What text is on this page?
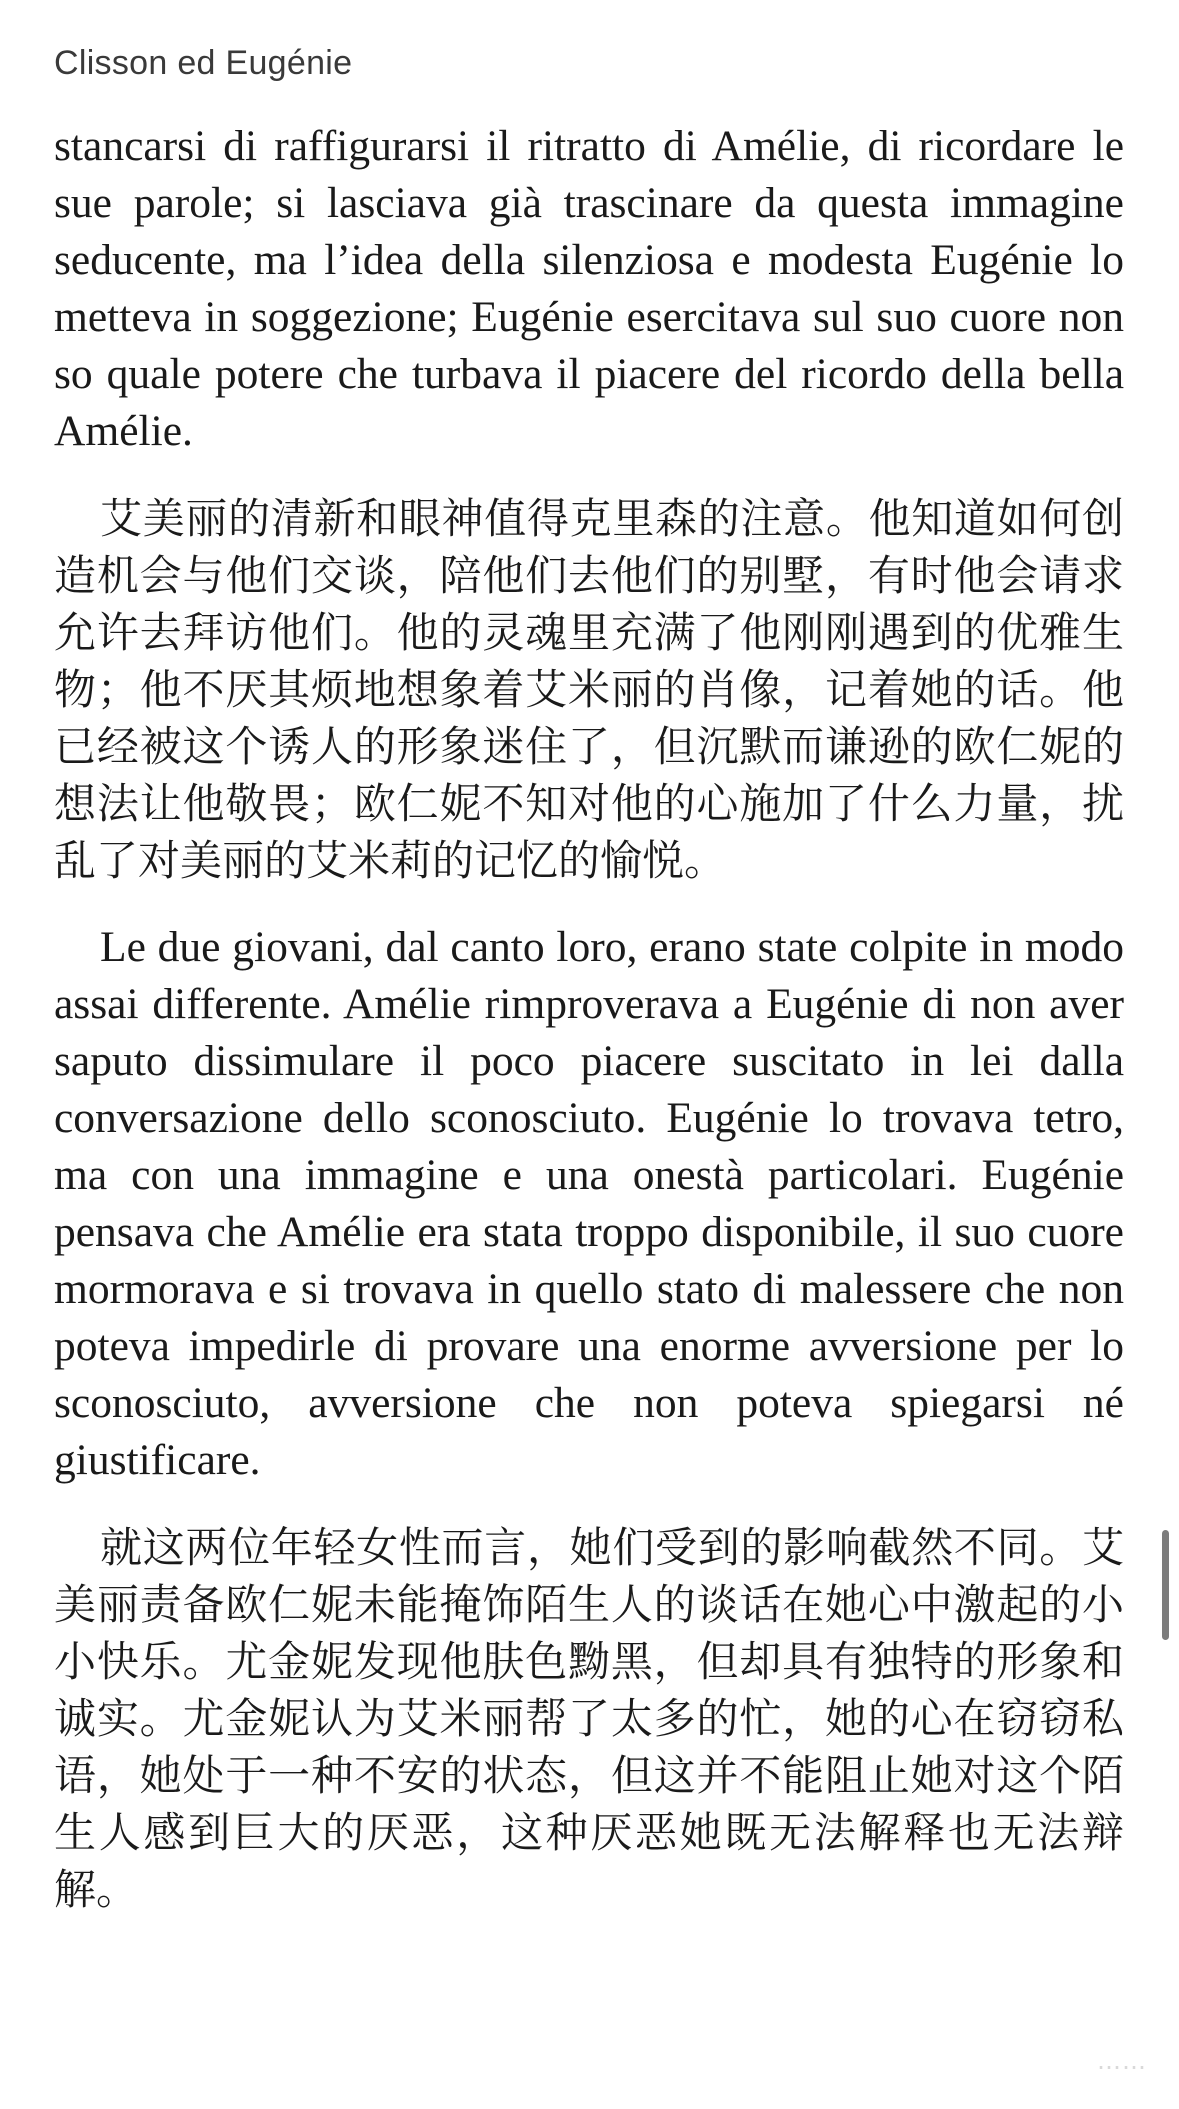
Clisson ed Eugénie

stancarsi di raffigurarsi il ritratto di Amélie, di ricordare le sue parole; si lasciava già trascinare da questa immagine seducente, ma l’idea della silenziosa e modesta Eugénie lo metteva in soggezione; Eugénie esercitava sul suo cuore non so quale potere che turbava il piacere del ricordo della bella Amélie.

艾美丽的清新和眼神值得克里森的注意。他知道如何创造机会与他们交谈，陪他们去他们的别墅，有时他会请求允许去拜访他们。他的灵魂里充满了他刚刚遇到的优雅生物；他不厌其烦地想象着艾米丽的肖像，记着她的话。他已经被这个诱人的形象迷住了，但沉默而谦逊的欧仁妮的想法让他敬畏；欧仁妮不知对他的心施加了什么力量，扰乱了对美丽的艾米莉的记忆的愉悦。

Le due giovani, dal canto loro, erano state colpite in modo assai differente. Amélie rimproverava a Eugénie di non aver saputo dissimulare il poco piacere suscitato in lei dalla conversazione dello sconosciuto. Eugénie lo trovava tetro, ma con una immagine e una onestà particolari. Eugénie pensava che Amélie era stata troppo disponibile, il suo cuore mormorava e si trovava in quello stato di malessere che non poteva impedirle di provare una enorme avversione per lo sconosciuto, avversione che non poteva spiegarsi né giustificare.

就这两位年轻女性而言，她们受到的影响截然不同。艾美丽责备欧仁妮未能掩饰陌生人的谈话在她心中激起的小小快乐。尤金妮发现他肤色黝黑，但却具有独特的形象和诚实。尤金妮认为艾米丽帮了太多的忙，她的心在窃窃私语，她处于一种不安的状态，但这并不能阻止她对这个陌生人感到巨大的厌恶，这种厌恶她既无法解释也无法辩解。

……
